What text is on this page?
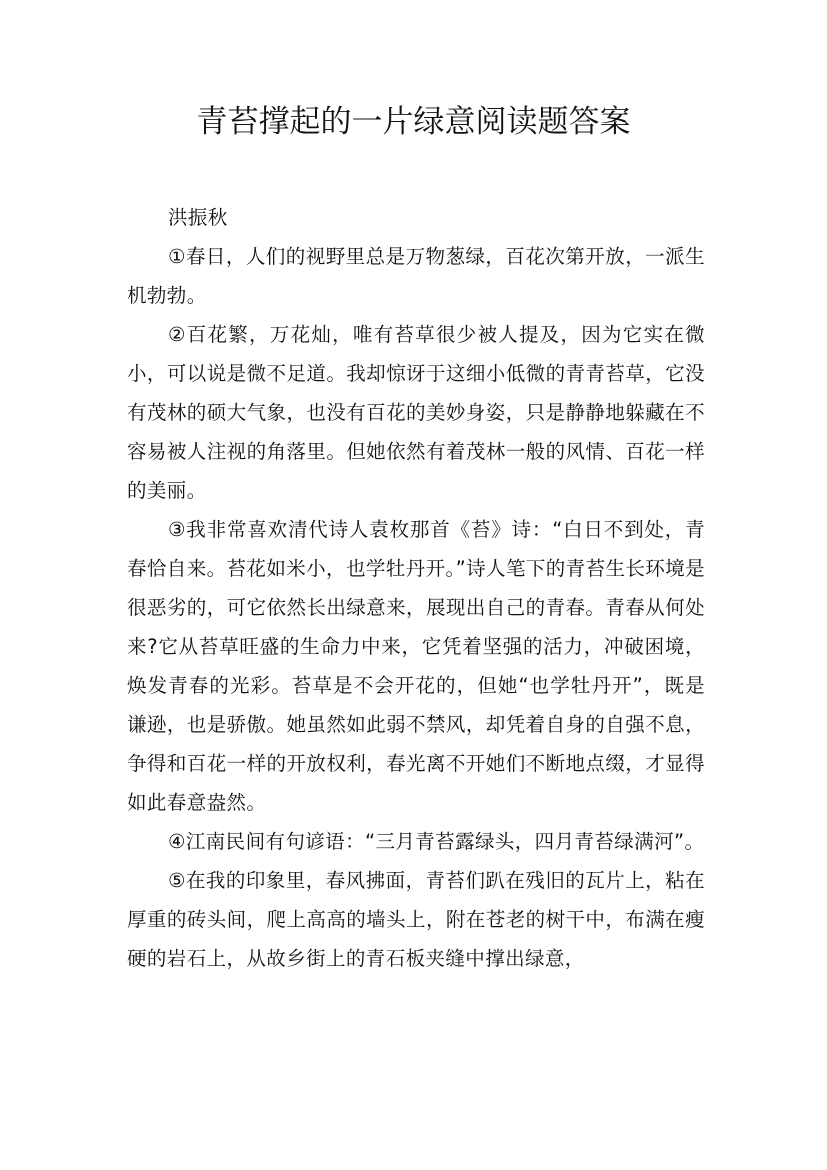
青苔撑起的一片绿意阅读题答案

洪振秋

①春日，人们的视野里总是万物葱绿，百花次第开放，一派生机勃勃。

②百花繁，万花灿，唯有苔草很少被人提及，因为它实在微小，可以说是微不足道。我却惊讶于这细小低微的青青苔草，它没有茂林的硕大气象，也没有百花的美妙身姿，只是静静地躲藏在不容易被人注视的角落里。但她依然有着茂林一般的风情、百花一样的美丽。

③我非常喜欢清代诗人袁枚那首《苔》诗：“白日不到处，青春恰自来。苔花如米小，也学牡丹开。”诗人笔下的青苔生长环境是很恶劣的，可它依然长出绿意来，展现出自己的青春。青春从何处来?它从苔草旺盛的生命力中来，它凭着坚强的活力，冲破困境，焕发青春的光彩。苔草是不会开花的，但她“也学牡丹开”，既是谦逊，也是骄傲。她虽然如此弱不禁风，却凭着自身的自强不息，争得和百花一样的开放权利，春光离不开她们不断地点缀，才显得如此春意盎然。

④江南民间有句谚语：“三月青苔露绿头，四月青苔绿满河”。

⑤在我的印象里，春风拂面，青苔们趴在残旧的瓦片上，粘在厚重的砖头间，爬上高高的墙头上，附在苍老的树干中，布满在瘦硬的岩石上，从故乡街上的青石板夹缝中撑出绿意，
